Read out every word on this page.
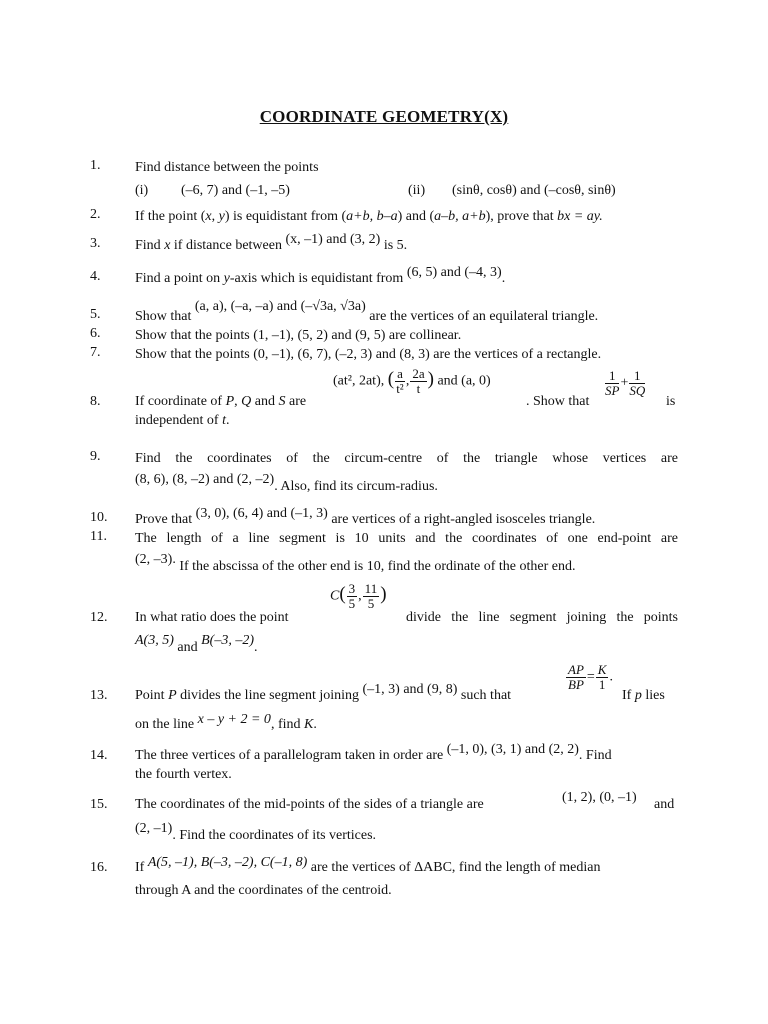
COORDINATE GEOMETRY(X)
1.	Find distance between the points
(i) (–6, 7) and (–1, –5)	(ii) (sinθ, cosθ) and (–cosθ, sinθ)
2.	If the point (x, y) is equidistant from (a+b, b–a) and (a–b, a+b), prove that bx = ay.
3.	Find x if distance between (x, –1) and (3, 2) is 5.
4.	Find a point on y-axis which is equidistant from (6, 5) and (–4, 3).
5.	Show that (a, a), (–a, –a) and (–√3a, √3a) are the vertices of an equilateral triangle.
6.	Show that the points (1, –1), (5, 2) and (9, 5) are collinear.
7.	Show that the points (0, –1), (6, 7), (–2, 3) and (8, 3) are the vertices of a rectangle.
8.	If coordinate of P, Q and S are
(at², 2at), ( $\frac{a}{\text{t²}}$ , $\frac{2a}{t}$ ) and (a, 0)
. Show that
$\frac{1}{SP}+ \frac{1}{SQ}$
is
independent of t.
9.	Find the coordinates of the circum-centre of the triangle whose vertices are
(8, 6), (8, –2) and (2, –2). Also, find its circum-radius.
10.	Prove that (3, 0), (6, 4) and (–1, 3) are vertices of a right-angled isosceles triangle.
11.	The length of a line segment is 10 units and the coordinates of one end-point are
(2, –3). If the abscissa of the other end is 10, find the ordinate of the other end.
12.	In what ratio does the point
$C( \frac{3}{5}$ , $\frac{11}{5}$ )
divide the line segment joining the points
A(3, 5) and B(–3, –2).
13.	Point P divides the line segment joining (–1, 3) and (9, 8) such that
$\frac{AP}{BP} = \frac{K}{1}$ .
If p lies
on the line x – y + 2 = 0, find K.
14.	The three vertices of a parallelogram taken in order are (–1, 0), (3, 1) and (2, 2). Find
the fourth vertex.
15.	The coordinates of the mid-points of the sides of a triangle are	(1, 2), (0, –1) and
(2, –1). Find the coordinates of its vertices.
16.	If A(5, –1), B(–3, –2), C(–1, 8) are the vertices of ΔABC, find the length of median
through A and the coordinates of the centroid.
